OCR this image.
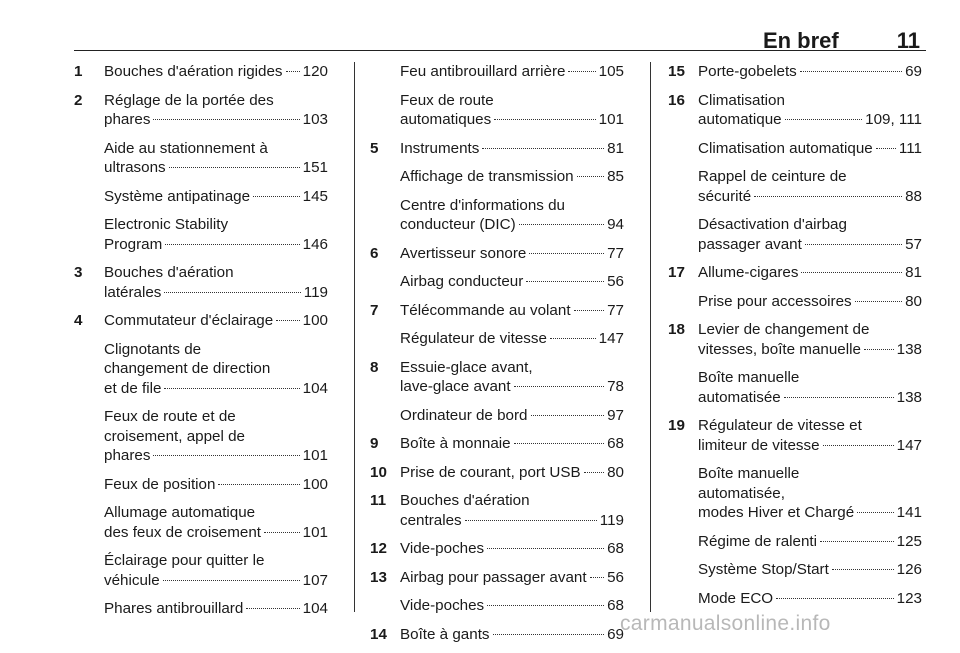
En bref	11
1 Bouches d'aération rigides 120
2 Réglage de la portée des
phares	103
Aide au stationnement à
ultrasons	151
Système antipatinage	145
Electronic Stability
Program	146
3 Bouches d'aération
latérales	119
4 Commutateur d'éclairage 100
Clignotants de
changement de direction
et de file	104
Feux de route et de
croisement, appel de
phares	101
Feux de position	100
Allumage automatique
des feux de croisement	101
Éclairage pour quitter le
véhicule	107
Phares antibrouillard	104
Feu antibrouillard arrière 105
Feux de route
automatiques	101
5 Instruments	81
Affichage de transmission 85
Centre d'informations du
conducteur (DIC)	94
6 Avertisseur sonore	77
Airbag conducteur	56
7 Télécommande au volant 77
Régulateur de vitesse	147
8 Essuie-glace avant,
lave-glace avant	78
Ordinateur de bord	97
9 Boîte à monnaie	68
10 Prise de courant, port USB 80
11 Bouches d'aération
centrales	119
12 Vide-poches	68
13 Airbag pour passager avant 56
Vide-poches	68
14 Boîte à gants	69
15 Porte-gobelets	69
16 Climatisation
automatique	109, 111
Climatisation automatique 111
Rappel de ceinture de
sécurité	88
Désactivation d'airbag
passager avant	57
17 Allume-cigares	81
Prise pour accessoires	80
18 Levier de changement de
vitesses, boîte manuelle 138
Boîte manuelle
automatisée	138
19 Régulateur de vitesse et
limiteur de vitesse	147
Boîte manuelle
automatisée,
modes Hiver et Chargé	141
Régime de ralenti	125
Système Stop/Start	126
Mode ECO	123
carmanualsonline.info
